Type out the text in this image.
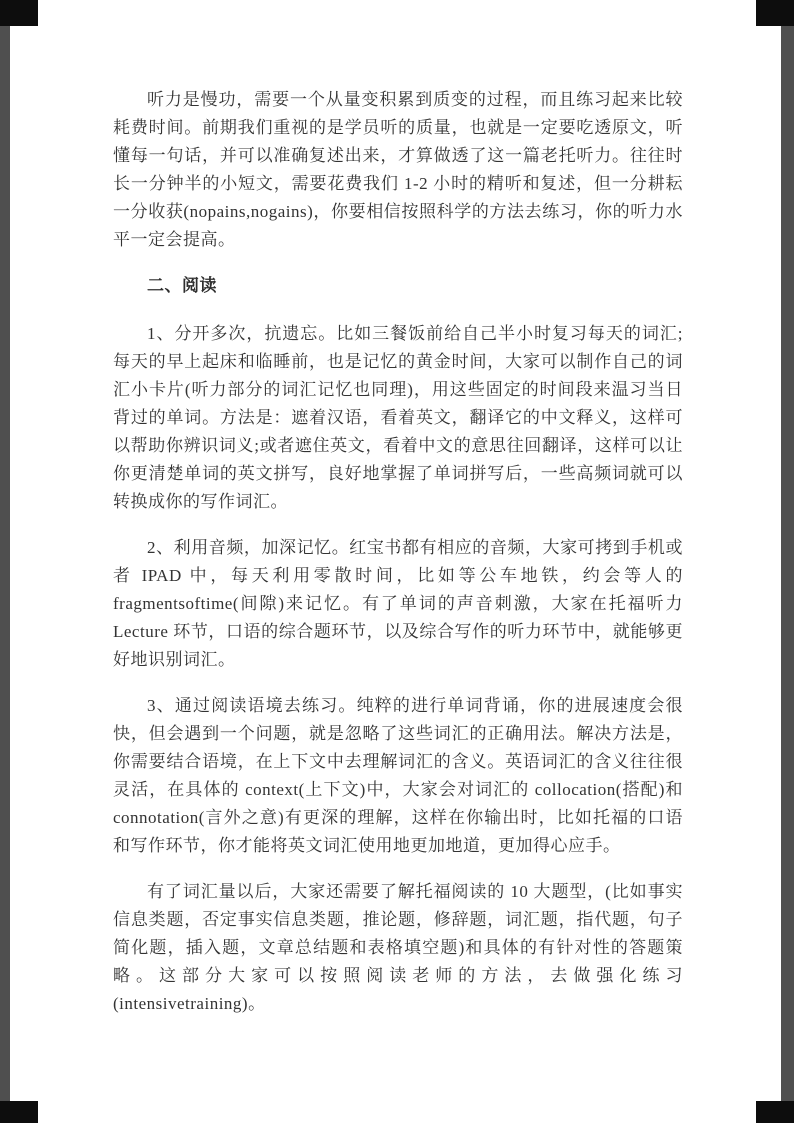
听力是慢功，需要一个从量变积累到质变的过程，而且练习起来比较耗费时间。前期我们重视的是学员听的质量，也就是一定要吃透原文，听懂每一句话，并可以准确复述出来，才算做透了这一篇老托听力。往往时长一分钟半的小短文，需要花费我们 1-2 小时的精听和复述，但一分耕耘一分收获(nopains,nogains)，你要相信按照科学的方法去练习，你的听力水平一定会提高。

二、阅读

1、分开多次，抗遗忘。比如三餐饭前给自己半小时复习每天的词汇;每天的早上起床和临睡前，也是记忆的黄金时间，大家可以制作自己的词汇小卡片(听力部分的词汇记忆也同理)，用这些固定的时间段来温习当日背过的单词。方法是：遮着汉语，看着英文，翻译它的中文释义，这样可以帮助你辨识词义;或者遮住英文，看着中文的意思往回翻译，这样可以让你更清楚单词的英文拼写，良好地掌握了单词拼写后，一些高频词就可以转换成你的写作词汇。

2、利用音频，加深记忆。红宝书都有相应的音频，大家可拷到手机或者 IPAD 中，每天利用零散时间，比如等公车地铁，约会等人的 fragmentsoftime(间隙)来记忆。有了单词的声音刺激，大家在托福听力 Lecture 环节，口语的综合题环节，以及综合写作的听力环节中，就能够更好地识别词汇。

3、通过阅读语境去练习。纯粹的进行单词背诵，你的进展速度会很快，但会遇到一个问题，就是忽略了这些词汇的正确用法。解决方法是，你需要结合语境，在上下文中去理解词汇的含义。英语词汇的含义往往很灵活，在具体的 context(上下文)中，大家会对词汇的 collocation(搭配)和 connotation(言外之意)有更深的理解，这样在你输出时，比如托福的口语和写作环节，你才能将英文词汇使用地更加地道，更加得心应手。

有了词汇量以后，大家还需要了解托福阅读的 10 大题型，(比如事实信息类题，否定事实信息类题，推论题，修辞题，词汇题，指代题，句子简化题，插入题，文章总结题和表格填空题)和具体的有针对性的答题策略。这部分大家可以按照阅读老师的方法，去做强化练习(intensivetraining)。
